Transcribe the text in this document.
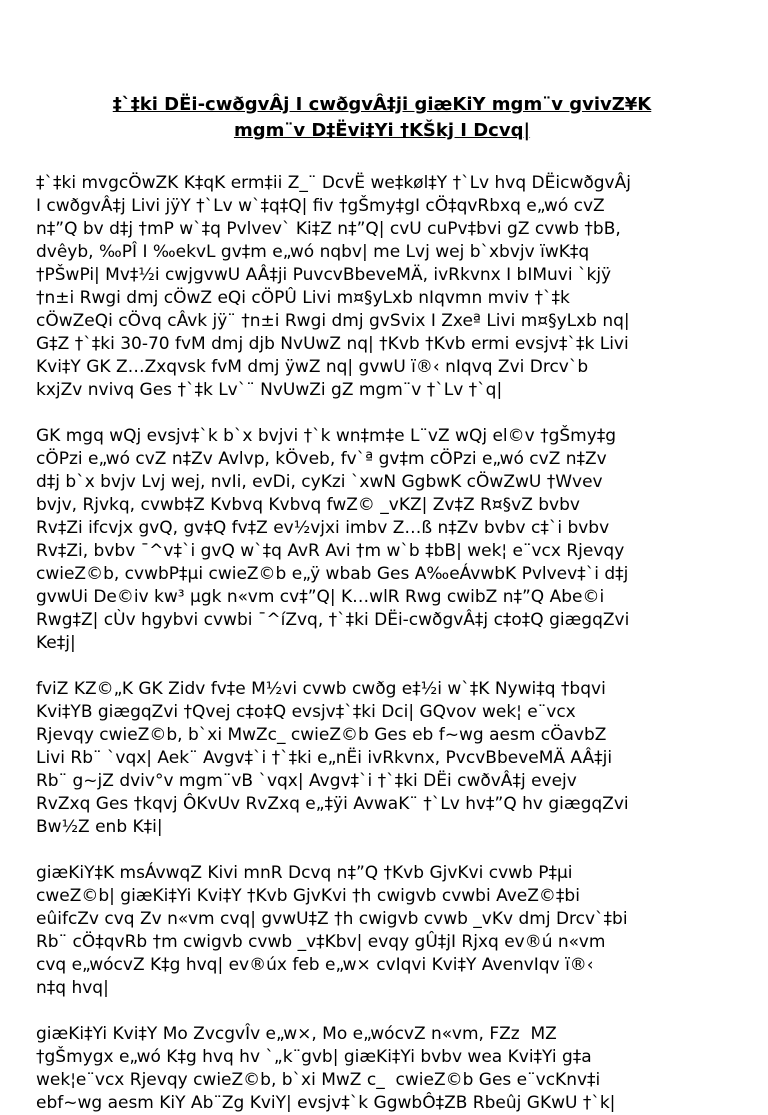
‡`‡ki DËi-cwðgvÂj I cwðgvÂ‡ji giæKiY mgm¨v gvivZ¥K
mgm¨v D‡Ëvi‡Yi †KŠkj I Dcvq|
‡`‡ki mvgcÖwZK K‡qK erm‡ii Z_¨ DcvË we‡køl‡Y †`Lv hvq DËicwðgvÂj
I cwðgvÂ‡j Livi jÿY †`Lv w`‡q‡Q| fiv †gŠmy‡gI cÖ‡qvRbxq e„wó cvZ
n‡”Q bv d‡j †mP w`‡q Pvlvev` Ki‡Z n‡”Q| cvU cuPv‡bvi gZ cvwb †bB,
dvêyb, ‰PÎ I ‰ekvL gv‡m e„wó nqbv| me Lvj wej b`xbvjv ïwK‡q
†PŠwPi| Mv‡½i cwjgvwU AÂ‡ji PuvcvBbeveMÄ, ivRkvnx I bIMuvi `kjÿ
†n±i Rwgi dmj cÖwZ eQi cÖPÛ Livi m¤§yLxb nIqvmn mviv †`‡k
cÖwZeQi cÖvq cÂvk jÿ¨ †n±i Rwgi dmj gvSvix I Zxeª Livi m¤§yLxb nq|
G‡Z †`‡ki 30-70 fvM dmj djb NvUwZ nq| †Kvb †Kvb ermi evsjv‡`‡k Livi
Kvi‡Y GK Z…Zxqvsk fvM dmj ÿwZ nq| gvwU ï®‹ nIqvq Zvi Drcv`b
kxjZv nvivq Ges †`‡k Lv`¨ NvUwZi gZ mgm¨v †`Lv †`q|
GK mgq wQj evsjv‡`k b`x bvjvi †`k wn‡m‡e L¨vZ wQj el©v †gŠmy‡g
cÖPzi e„wó cvZ n‡Zv Avlvp, kÖveb, fv`ª gv‡m cÖPzi e„wó cvZ n‡Zv
d‡j b`x bvjv Lvj wej, nvIi, evDi, cyKzi `xwN GgbwK cÖwZwU †Wvev
bvjv, Rjvkq, cvwb‡Z Kvbvq Kvbvq fwZ© _vKZ| Zv‡Z R¤§vZ bvbv
Rv‡Zi ifcvjx gvQ, gv‡Q fv‡Z ev½vjxi imbv Z…ß n‡Zv bvbv c‡`i bvbv
Rv‡Zi, bvbv ¯^v‡`i gvQ w`‡q AvR Avi †m w`b ‡bB| wek¦ e¨vcx Rjevqy
cwieZ©b, cvwbP‡µi cwieZ©b e„ÿ wbab Ges A‰eÁvwbK Pvlvev‡`i d‡j
gvwUi De©iv kw³ µgk n«vm cv‡”Q| K…wlR Rwg cwibZ n‡”Q Abe©i
Rwg‡Z| cÙv hgybvi cvwbi ¯^íZvq, †`‡ki DËi-cwðgvÂ‡j c‡o‡Q giægqZvi
Ke‡j|
fviZ KZ©„K GK Zidv fv‡e M½vi cvwb cwðg e‡½i w`‡K Nywi‡q †bqvi
Kvi‡YB giægqZvi †Qvej c‡o‡Q evsjv‡`‡ki Dci| GQvov wek¦ e¨vcx
Rjevqy cwieZ©b, b`xi MwZc_ cwieZ©b Ges eb f~wg aesm cÖavbZ
Livi Rb¨ `vqx| Aek¨ Avgv‡`i †`‡ki e„nËi ivRkvnx, PvcvBbeveMÄ AÂ‡ji
Rb¨ g~jZ dviv°v mgm¨vB `vqx| Avgv‡`i †`‡ki DËi cwðvÂ‡j evejv
RvZxq Ges †kqvj ÔKvUv RvZxq e„‡ÿi AvwaK¨ †`Lv hv‡”Q hv giægqZvi
Bw½Z enb K‡i|
giæKiY‡K msÁvwqZ Kivi mnR Dcvq n‡”Q †Kvb GjvKvi cvwb P‡µi
cweZ©b| giæKi‡Yi Kvi‡Y †Kvb GjvKvi †h cwigvb cvwbi AveZ©‡bi
eûifcZv cvq Zv n«vm cvq| gvwU‡Z †h cwigvb cvwb _vKv dmj Drcv`‡bi
Rb¨ cÖ‡qvRb †m cwigvb cvwb _v‡Kbv| evqy gÛ‡jI Rjxq ev®ú n«vm
cvq e„wócvZ K‡g hvq| ev®úx feb e„w× cvIqvi Kvi‡Y AvenvIqv ï®‹
n‡q hvq|
giæKi‡Yi Kvi‡Y Mo ZvcgvÎv e„w×, Mo e„wócvZ n«vm, FZz  MZ
†gŠmygx e„wó K‡g hvq hv `„k¨gvb| giæKi‡Yi bvbv wea Kvi‡Yi g‡a
wek¦e¨vcx Rjevqy cwieZ©b, b`xi MwZ c_  cwieZ©b Ges e¨vcKnv‡i
ebf~wg aesm KiY Ab¨Zg KviY| evsjv‡`k GgwbÔ‡ZB Rbeûj GKwU †`k|
